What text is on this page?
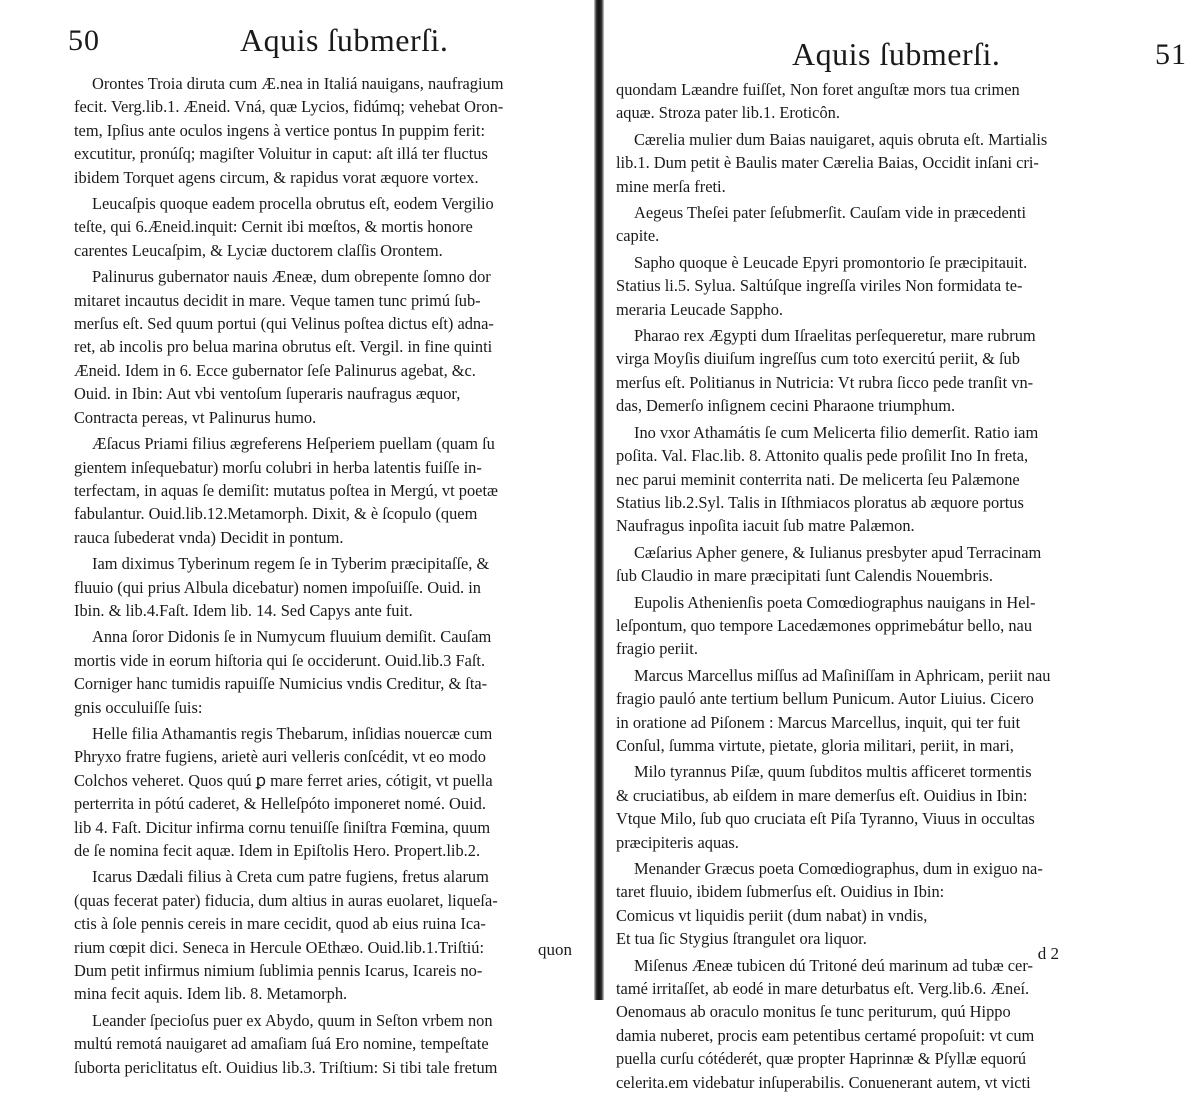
50	Aquis ſubmerſi.
Orontes Troia diruta cum Æ.nea in Italiá nauigans, naufragium
fecit. Verg.lib.1. Æneid. Vná, quæ Lycios, fidúmq; vehebat Oron-
tem, Ipſius ante oculos ingens à vertice pontus In puppim ferit:
excutitur, pronúſq; magiſter Voluitur in caput: aſt illá ter fluctus
ibidem Torquet agens circum, & rapidus vorat æquore vortex.
Leucaſpis quoque eadem procella obrutus eſt, eodem Vergilio
teſte, qui 6.Æneid.inquit: Cernit ibi mœſtos, & mortis honore
carentes Leucaſpim, & Lyciæ ductorem claſſis Orontem.
Palinurus gubernator nauis Æneæ, dum obrepente ſomno dor
mitaret incautus decidit in mare. Veque tamen tunc primú ſub-
merſus eſt. Sed quum portui (qui Velinus poſtea dictus eſt) adna-
ret, ab incolis pro belua marina obrutus eſt. Vergil. in fine quinti
Æneid. Idem in 6. Ecce gubernator ſeſe Palinurus agebat, &c.
Ouid. in Ibin: Aut vbi ventoſum ſuperaris naufragus æquor,
Contracta pereas, vt Palinurus humo.
Æſacus Priami filius ægreferens Heſperiem puellam (quam ſu
gientem inſequebatur) morſu colubri in herba latentis fuiſſe in-
terfectam, in aquas ſe demiſit: mutatus poſtea in Mergú, vt poetæ
fabulantur. Ouid.lib.12.Metamorph. Dixit, & è ſcopulo (quem
rauca ſubederat vnda) Decidit in pontum.
Iam diximus Tyberinum regem ſe in Tyberim præcipitaſſe, &
fluuio (qui prius Albula dicebatur) nomen impoſuiſſe. Ouid. in
Ibin. & lib.4.Faſt. Idem lib. 14. Sed Capys ante fuit.
Anna ſoror Didonis ſe in Numycum fluuium demiſit. Cauſam
mortis vide in eorum hiſtoria qui ſe occiderunt. Ouid.lib.3 Faſt.
Corniger hanc tumidis rapuiſſe Numicius vndis Creditur, & ſta-
gnis occuluiſſe ſuis:
Helle filia Athamantis regis Thebarum, inſidias nouercæ cum
Phryxo fratre fugiens, arietè auri velleris conſcédit, vt eo modo
Colchos veheret. Quos quú ꝑ mare ferret aries, cótigit, vt puella
perterrita in pótú caderet, & Helleſpóto imponeret nomé. Ouid.
lib 4. Faſt. Dicitur infirma cornu tenuiſſe ſiniſtra Fœmina, quum
de ſe nomina fecit aquæ. Idem in Epiſtolis Hero. Propert.lib.2.
Icarus Dædali filius à Creta cum patre fugiens, fretus alarum
(quas fecerat pater) fiducia, dum altius in auras euolaret, liqueſa-
ctis à ſole pennis cereis in mare cecidit, quod ab eius ruina Ica-
rium cœpit dici. Seneca in Hercule OEthæo. Ouid.lib.1.Triſtiú:
Dum petit infirmus nimium ſublimia pennis Icarus, Icareis no-
mina fecit aquis. Idem lib. 8. Metamorph.
Leander ſpecioſus puer ex Abydo, quum in Seſton vrbem non
multú remotá nauigaret ad amaſiam ſuá Ero nomine, tempeſtate
ſuborta periclitatus eſt. Ouidius lib.3. Triſtium: Si tibi tale fretum
quon
Aquis ſubmerſi.	51
quondam Læandre fuiſſet, Non foret anguſtæ mors tua crimen
aquæ. Stroza pater lib.1. Eroticôn.
Cærelia mulier dum Baias nauigaret, aquis obruta eſt. Martialis
lib.1. Dum petit è Baulis mater Cærelia Baias, Occidit inſani cri-
mine merſa freti.
Aegeus Theſei pater ſeſubmerſit. Cauſam vide in præcedenti
capite.
Sapho quoque è Leucade Epyri promontorio ſe præcipitauit.
Statius li.5. Sylua. Saltúſque ingreſſa viriles Non formidata te-
meraria Leucade Sappho.
Pharao rex Ægypti dum Iſraelitas perſequeretur, mare rubrum
virga Moyſis diuiſum ingreſſus cum toto exercitú periit, & ſub
merſus eſt. Politianus in Nutricia: Vt rubra ſicco pede tranſit vn-
das, Demerſo inſignem cecini Pharaone triumphum.
Ino vxor Athamátis ſe cum Melicerta filio demerſit. Ratio iam
poſita. Val. Flac.lib. 8. Attonito qualis pede proſilit Ino In freta,
nec parui meminit conterrita nati. De melicerta ſeu Palæmone
Statius lib.2.Syl. Talis in Iſthmiacos ploratus ab æquore portus
Naufragus inpoſita iacuit ſub matre Palæmon.
Cæſarius Apher genere, & Iulianus presbyter apud Terracinam
ſub Claudio in mare præcipitati ſunt Calendis Nouembris.
Eupolis Athenienſis poeta Comœdiographus nauigans in Hel-
leſpontum, quo tempore Lacedæmones opprimebátur bello, nau
fragio periit.
Marcus Marcellus miſſus ad Maſiniſſam in Aphricam, periit nau
fragio pauló ante tertium bellum Punicum. Autor Liuius. Cicero
in oratione ad Piſonem : Marcus Marcellus, inquit, qui ter fuit
Conſul, ſumma virtute, pietate, gloria militari, periit, in mari,
Milo tyrannus Piſæ, quum ſubditos multis afficeret tormentis
& cruciatibus, ab eiſdem in mare demerſus eſt. Ouidius in Ibin:
Vtque Milo, ſub quo cruciata eſt Piſa Tyranno, Viuus in occultas
præcipiteris aquas.
Menander Græcus poeta Comœdiographus, dum in exiguo na-
taret fluuio, ibidem ſubmerſus eſt. Ouidius in Ibin:
Comicus vt liquidis periit (dum nabat) in vndis,
Et tua ſic Stygius ſtrangulet ora liquor.
Miſenus Æneæ tubicen dú Tritoné deú marinum ad tubæ cer-
tamé irritaſſet, ab eodé in mare deturbatus eſt. Verg.lib.6. Æneí.
Oenomaus ab oraculo monitus ſe tunc periturum, quú Hippo
damia nuberet, procis eam petentibus certamé propoſuit: vt cum
puella curſu cótéderét, quæ propter Haprinnæ & Pſyllæ equorú
celerita.em videbatur inſuperabilis. Conuenerant autem, vt victi
d 2
